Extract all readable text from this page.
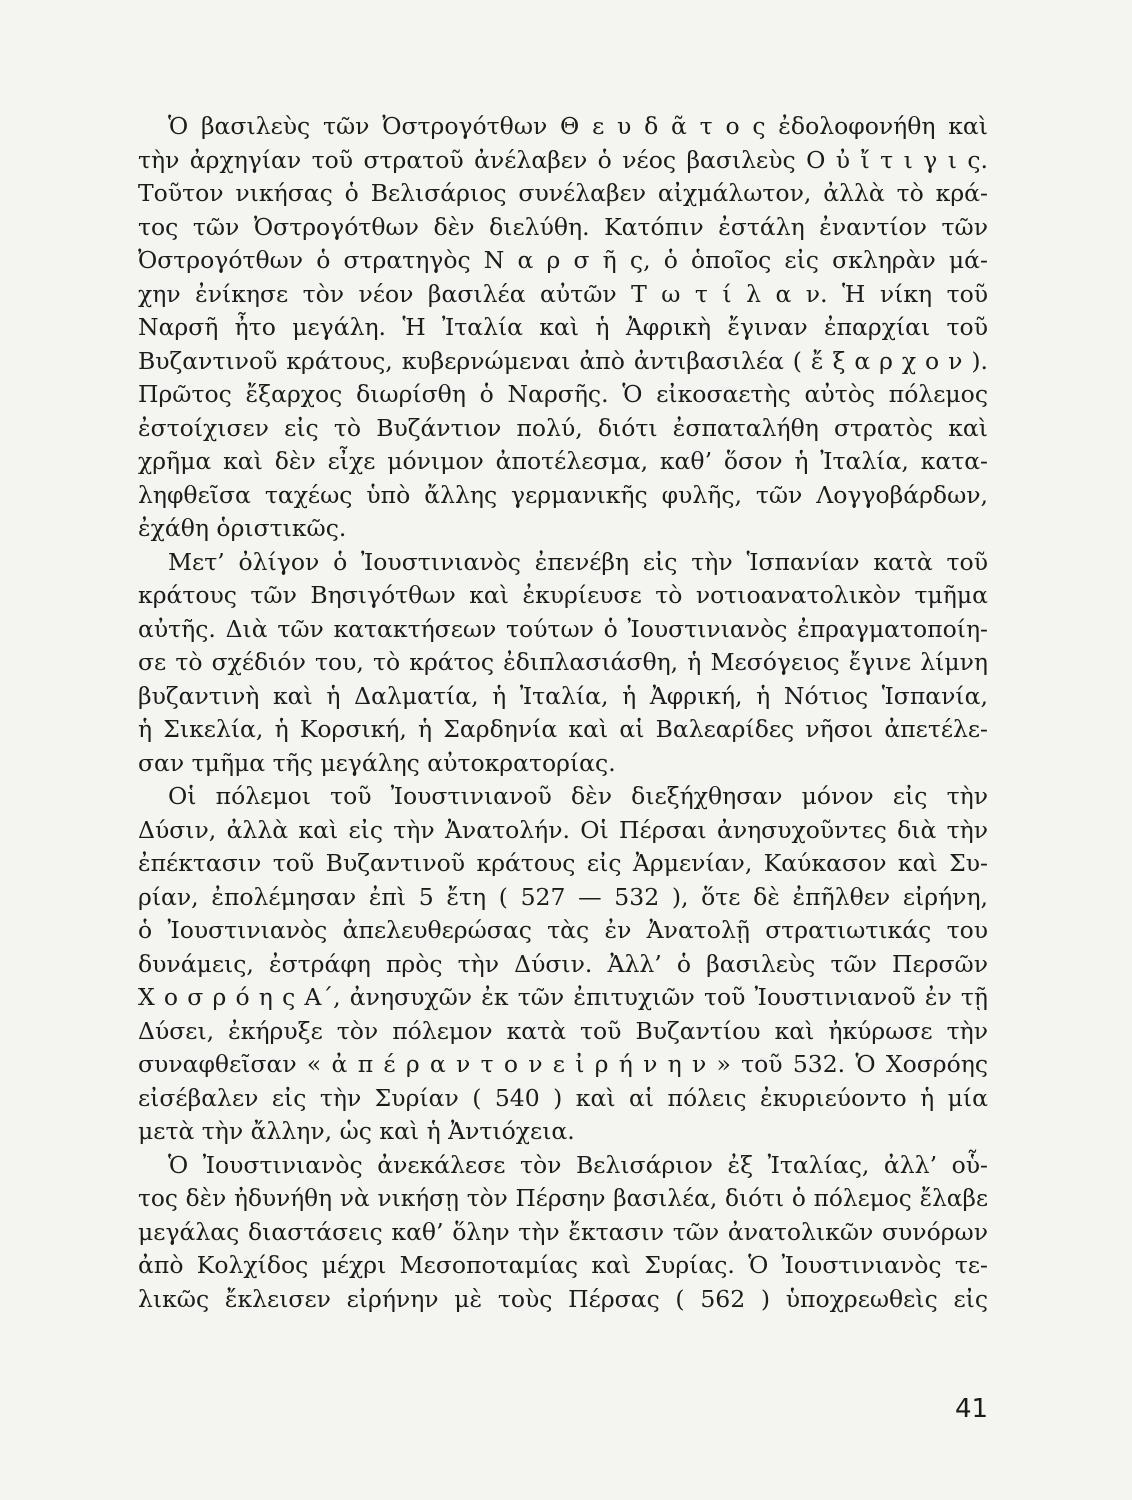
Ὁ βασιλεὺς τῶν Ὀστρογότθων Θ ε υ δ ᾶ τ ο ς ἐδολοφονήθη καὶ
τὴν ἀρχηγίαν τοῦ στρατοῦ ἀνέλαβεν ὁ νέος βασιλεὺς Ο ὐ ἴ τ ι γ ι ς.
Τοῦτον νικήσας ὁ Βελισάριος συνέλαβεν αἰχμάλωτον, ἀλλὰ τὸ κρά-
τος τῶν Ὀστρογότθων δὲν διελύθη. Κατόπιν ἐστάλη ἐναντίον τῶν
Ὀστρογότθων ὁ στρατηγὸς Ν α ρ σ ῆ ς, ὁ ὁποῖος εἰς σκληρὰν μά-
χην ἐνίκησε τὸν νέον βασιλέα αὐτῶν Τ ω τ ί λ α ν. Ἡ νίκη τοῦ
Ναρσῆ ἦτο μεγάλη. Ἡ Ἰταλία καὶ ἡ Ἀφρικὴ ἔγιναν ἐπαρχίαι τοῦ
Βυζαντινοῦ κράτους, κυβερνώμεναι ἀπὸ ἀντιβασιλέα ( ἔ ξ α ρ χ ο ν ).
Πρῶτος ἔξαρχος διωρίσθη ὁ Ναρσῆς. Ὁ εἰκοσαετὴς αὐτὸς πόλεμος
ἐστοίχισεν εἰς τὸ Βυζάντιον πολύ, διότι ἐσπαταλήθη στρατὸς καὶ
χρῆμα καὶ δὲν εἶχε μόνιμον ἀποτέλεσμα, καθ’ ὅσον ἡ Ἰταλία, κατα-
ληφθεῖσα ταχέως ὑπὸ ἄλλης γερμανικῆς φυλῆς, τῶν Λογγοβάρδων,
ἐχάθη ὁριστικῶς.
Μετ’ ὀλίγον ὁ Ἰουστινιανὸς ἐπενέβη εἰς τὴν Ἱσπανίαν κατὰ τοῦ
κράτους τῶν Βησιγότθων καὶ ἐκυρίευσε τὸ νοτιοανατολικὸν τμῆμα
αὐτῆς. Διὰ τῶν κατακτήσεων τούτων ὁ Ἰουστινιανὸς ἐπραγματοποίη-
σε τὸ σχέδιόν του, τὸ κράτος ἐδιπλασιάσθη, ἡ Μεσόγειος ἔγινε λίμνη
βυζαντινὴ καὶ ἡ Δαλματία, ἡ Ἰταλία, ἡ Ἀφρική, ἡ Νότιος Ἱσπανία,
ἡ Σικελία, ἡ Κορσική, ἡ Σαρδηνία καὶ αἱ Βαλεαρίδες νῆσοι ἀπετέλε-
σαν τμῆμα τῆς μεγάλης αὐτοκρατορίας.
Οἱ πόλεμοι τοῦ Ἰουστινιανοῦ δὲν διεξήχθησαν μόνον εἰς τὴν
Δύσιν, ἀλλὰ καὶ εἰς τὴν Ἀνατολήν. Οἱ Πέρσαι ἀνησυχοῦντες διὰ τὴν
ἐπέκτασιν τοῦ Βυζαντινοῦ κράτους εἰς Ἀρμενίαν, Καύκασον καὶ Συ-
ρίαν, ἐπολέμησαν ἐπὶ 5 ἔτη ( 527 — 532 ), ὅτε δὲ ἐπῆλθεν εἰρήνη,
ὁ Ἰουστινιανὸς ἀπελευθερώσας τὰς ἐν Ἀνατολῇ στρατιωτικάς του
δυνάμεις, ἐστράφη πρὸς τὴν Δύσιν. Ἀλλ’ ὁ βασιλεὺς τῶν Περσῶν
Χ ο σ ρ ό η ς Α΄, ἀνησυχῶν ἐκ τῶν ἐπιτυχιῶν τοῦ Ἰουστινιανοῦ ἐν τῇ
Δύσει, ἐκήρυξε τὸν πόλεμον κατὰ τοῦ Βυζαντίου καὶ ἠκύρωσε τὴν
συναφθεῖσαν « ἀ π έ ρ α ν τ ο ν ε ἰ ρ ή ν η ν » τοῦ 532. Ὁ Χοσρόης
εἰσέβαλεν εἰς τὴν Συρίαν ( 540 ) καὶ αἱ πόλεις ἐκυριεύοντο ἡ μία
μετὰ τὴν ἄλλην, ὡς καὶ ἡ Ἀντιόχεια.
Ὁ Ἰουστινιανὸς ἀνεκάλεσε τὸν Βελισάριον ἐξ Ἰταλίας, ἀλλ’ οὗ-
τος δὲν ἠδυνήθη νὰ νικήσῃ τὸν Πέρσην βασιλέα, διότι ὁ πόλεμος ἔλαβε
μεγάλας διαστάσεις καθ’ ὅλην τὴν ἔκτασιν τῶν ἀνατολικῶν συνόρων
ἀπὸ Κολχίδος μέχρι Μεσοποταμίας καὶ Συρίας. Ὁ Ἰουστινιανὸς τε-
λικῶς ἔκλεισεν εἰρήνην μὲ τοὺς Πέρσας ( 562 ) ὑποχρεωθεὶς εἰς
41
